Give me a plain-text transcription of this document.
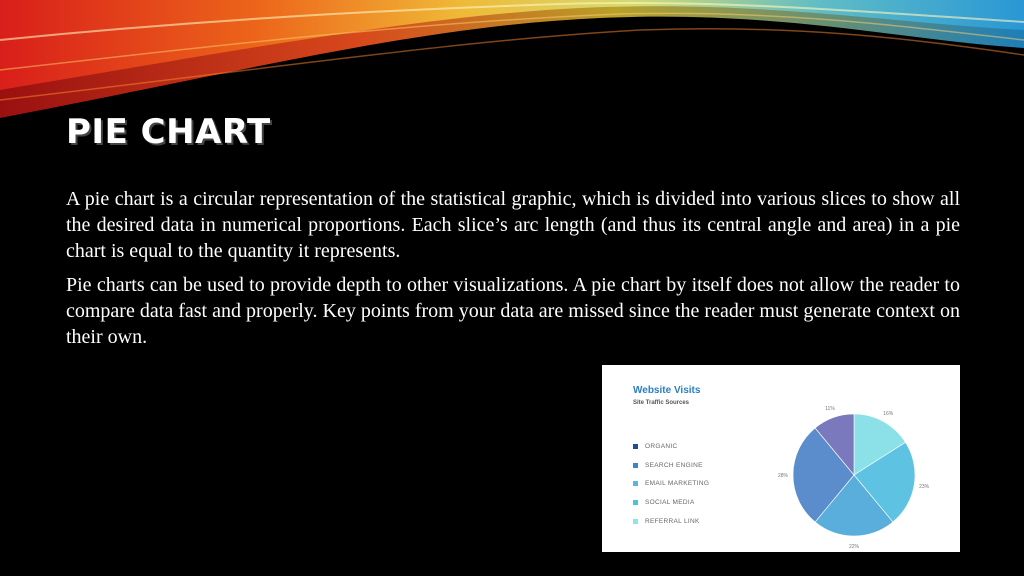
PIE CHART

A pie chart is a circular representation of the statistical graphic, which is divided into various slices to show all the desired data in numerical proportions. Each slice’s arc length (and thus its central angle and area) in a pie chart is equal to the quantity it represents.

Pie charts can be used to provide depth to other visualizations. A pie chart by itself does not allow the reader to compare data fast and properly. Key points from your data are missed since the reader must generate context on their own.

Website Visits
Site Traffic Sources
ORGANIC
SEARCH ENGINE
EMAIL MARKETING
SOCIAL MEDIA
REFERRAL LINK
16%
23%
22%
28%
11%
